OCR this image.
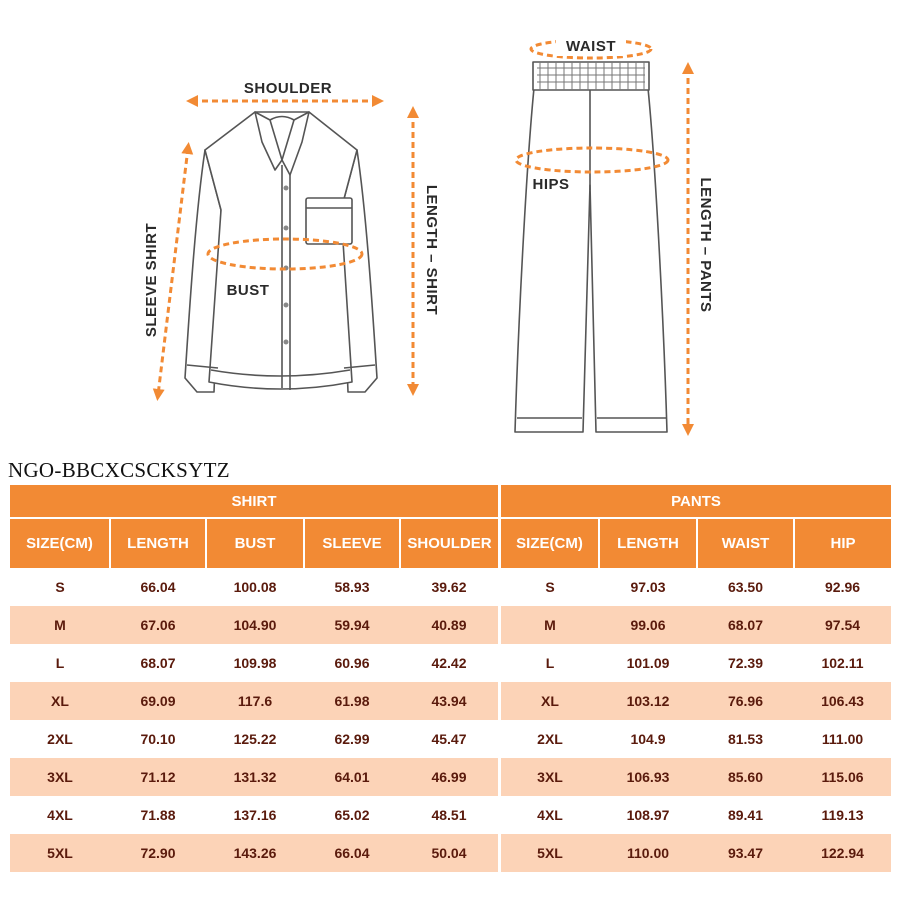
SHOULDER
SLEEVE SHIRT	BUST	LENGTH – SHIRT
WAIST
HIPS	LENGTH – PANTS
NGO-BBCXCSCKSYTZ
SHIRT				
SIZE(CM)	LENGTH	BUST	SLEEVE	SHOULDER
S	66.04	100.08	58.93	39.62
M	67.06	104.90	59.94	40.89
L	68.07	109.98	60.96	42.42
XL	69.09	117.6	61.98	43.94
2XL	70.10	125.22	62.99	45.47
3XL	71.12	131.32	64.01	46.99
4XL	71.88	137.16	65.02	48.51
5XL	72.90	143.26	66.04	50.04
PANTS			
SIZE(CM)	LENGTH	WAIST	HIP
S	97.03	63.50	92.96
M	99.06	68.07	97.54
L	101.09	72.39	102.11
XL	103.12	76.96	106.43
2XL	104.9	81.53	111.00
3XL	106.93	85.60	115.06
4XL	108.97	89.41	119.13
5XL	110.00	93.47	122.94
